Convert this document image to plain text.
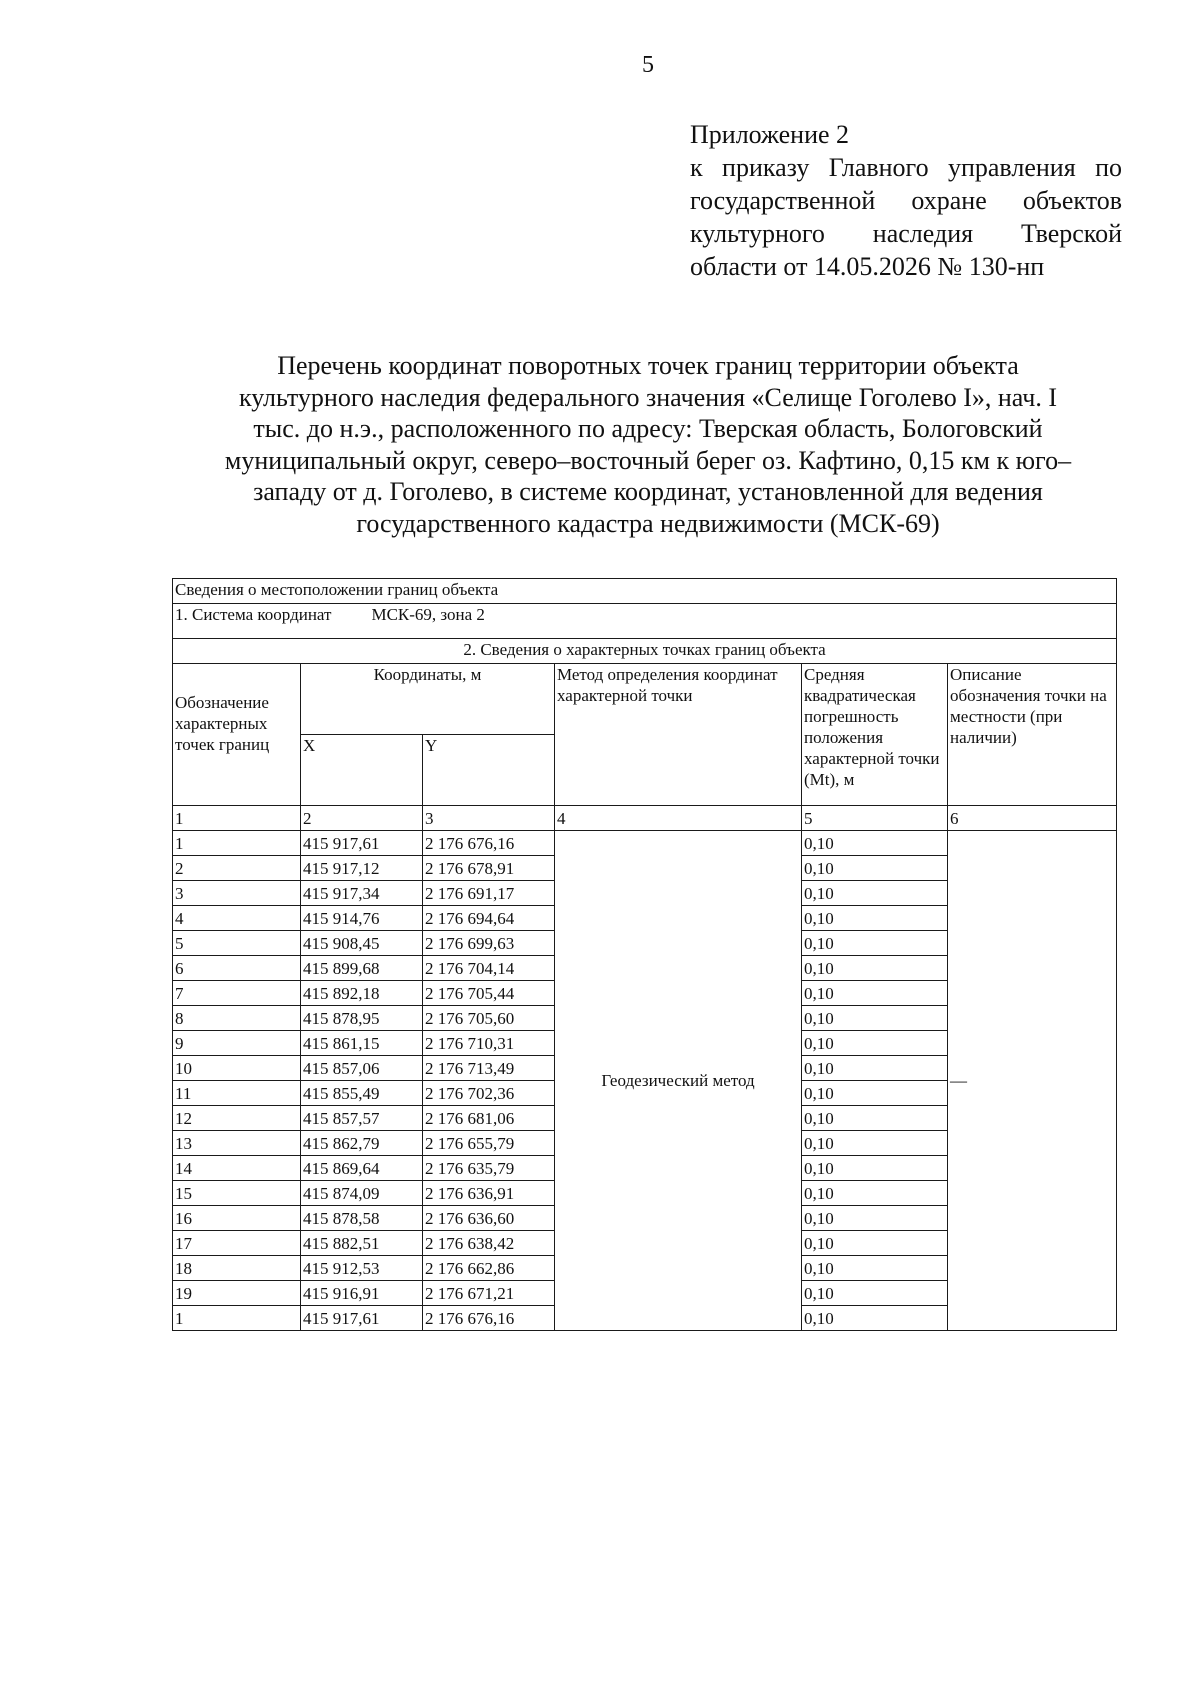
5
Приложение 2
к приказу Главного управления по государственной охране объектов культурного наследия Тверской области от 14.05.2026 № 130-нп
Перечень координат поворотных точек границ территории объекта
культурного наследия федерального значения «Селище Гоголево I», нач. I
тыс. до н.э., расположенного по адресу: Тверская область, Бологовский
муниципальный округ, северо–восточный берег оз. Кафтино, 0,15 км к юго–
западу от д. Гоголево, в системе координат, установленной для ведения
государственного кадастра недвижимости (МСК-69)
Сведения о местоположении границ объекта					
1. Система координат МСК-69, зона 2					
2. Сведения о характерных точках границ объекта					
Обозначение характерных точек границ	Координаты, м		Метод определения координат характерной точки	Средняя квадратическая погрешность положения характерной точки (Mt), м	Описание обозначения точки на местности (при наличии)
	X	Y			
1	2	3	4	5	6
1	415 917,61	2 176 676,16	Геодезический метод	0,10	—
2	415 917,12	2 176 678,91		0,10	
3	415 917,34	2 176 691,17		0,10	
4	415 914,76	2 176 694,64		0,10	
5	415 908,45	2 176 699,63		0,10	
6	415 899,68	2 176 704,14		0,10	
7	415 892,18	2 176 705,44		0,10	
8	415 878,95	2 176 705,60		0,10	
9	415 861,15	2 176 710,31		0,10	
10	415 857,06	2 176 713,49		0,10	
11	415 855,49	2 176 702,36		0,10	
12	415 857,57	2 176 681,06		0,10	
13	415 862,79	2 176 655,79		0,10	
14	415 869,64	2 176 635,79		0,10	
15	415 874,09	2 176 636,91		0,10	
16	415 878,58	2 176 636,60		0,10	
17	415 882,51	2 176 638,42		0,10	
18	415 912,53	2 176 662,86		0,10	
19	415 916,91	2 176 671,21		0,10	
1	415 917,61	2 176 676,16		0,10	
